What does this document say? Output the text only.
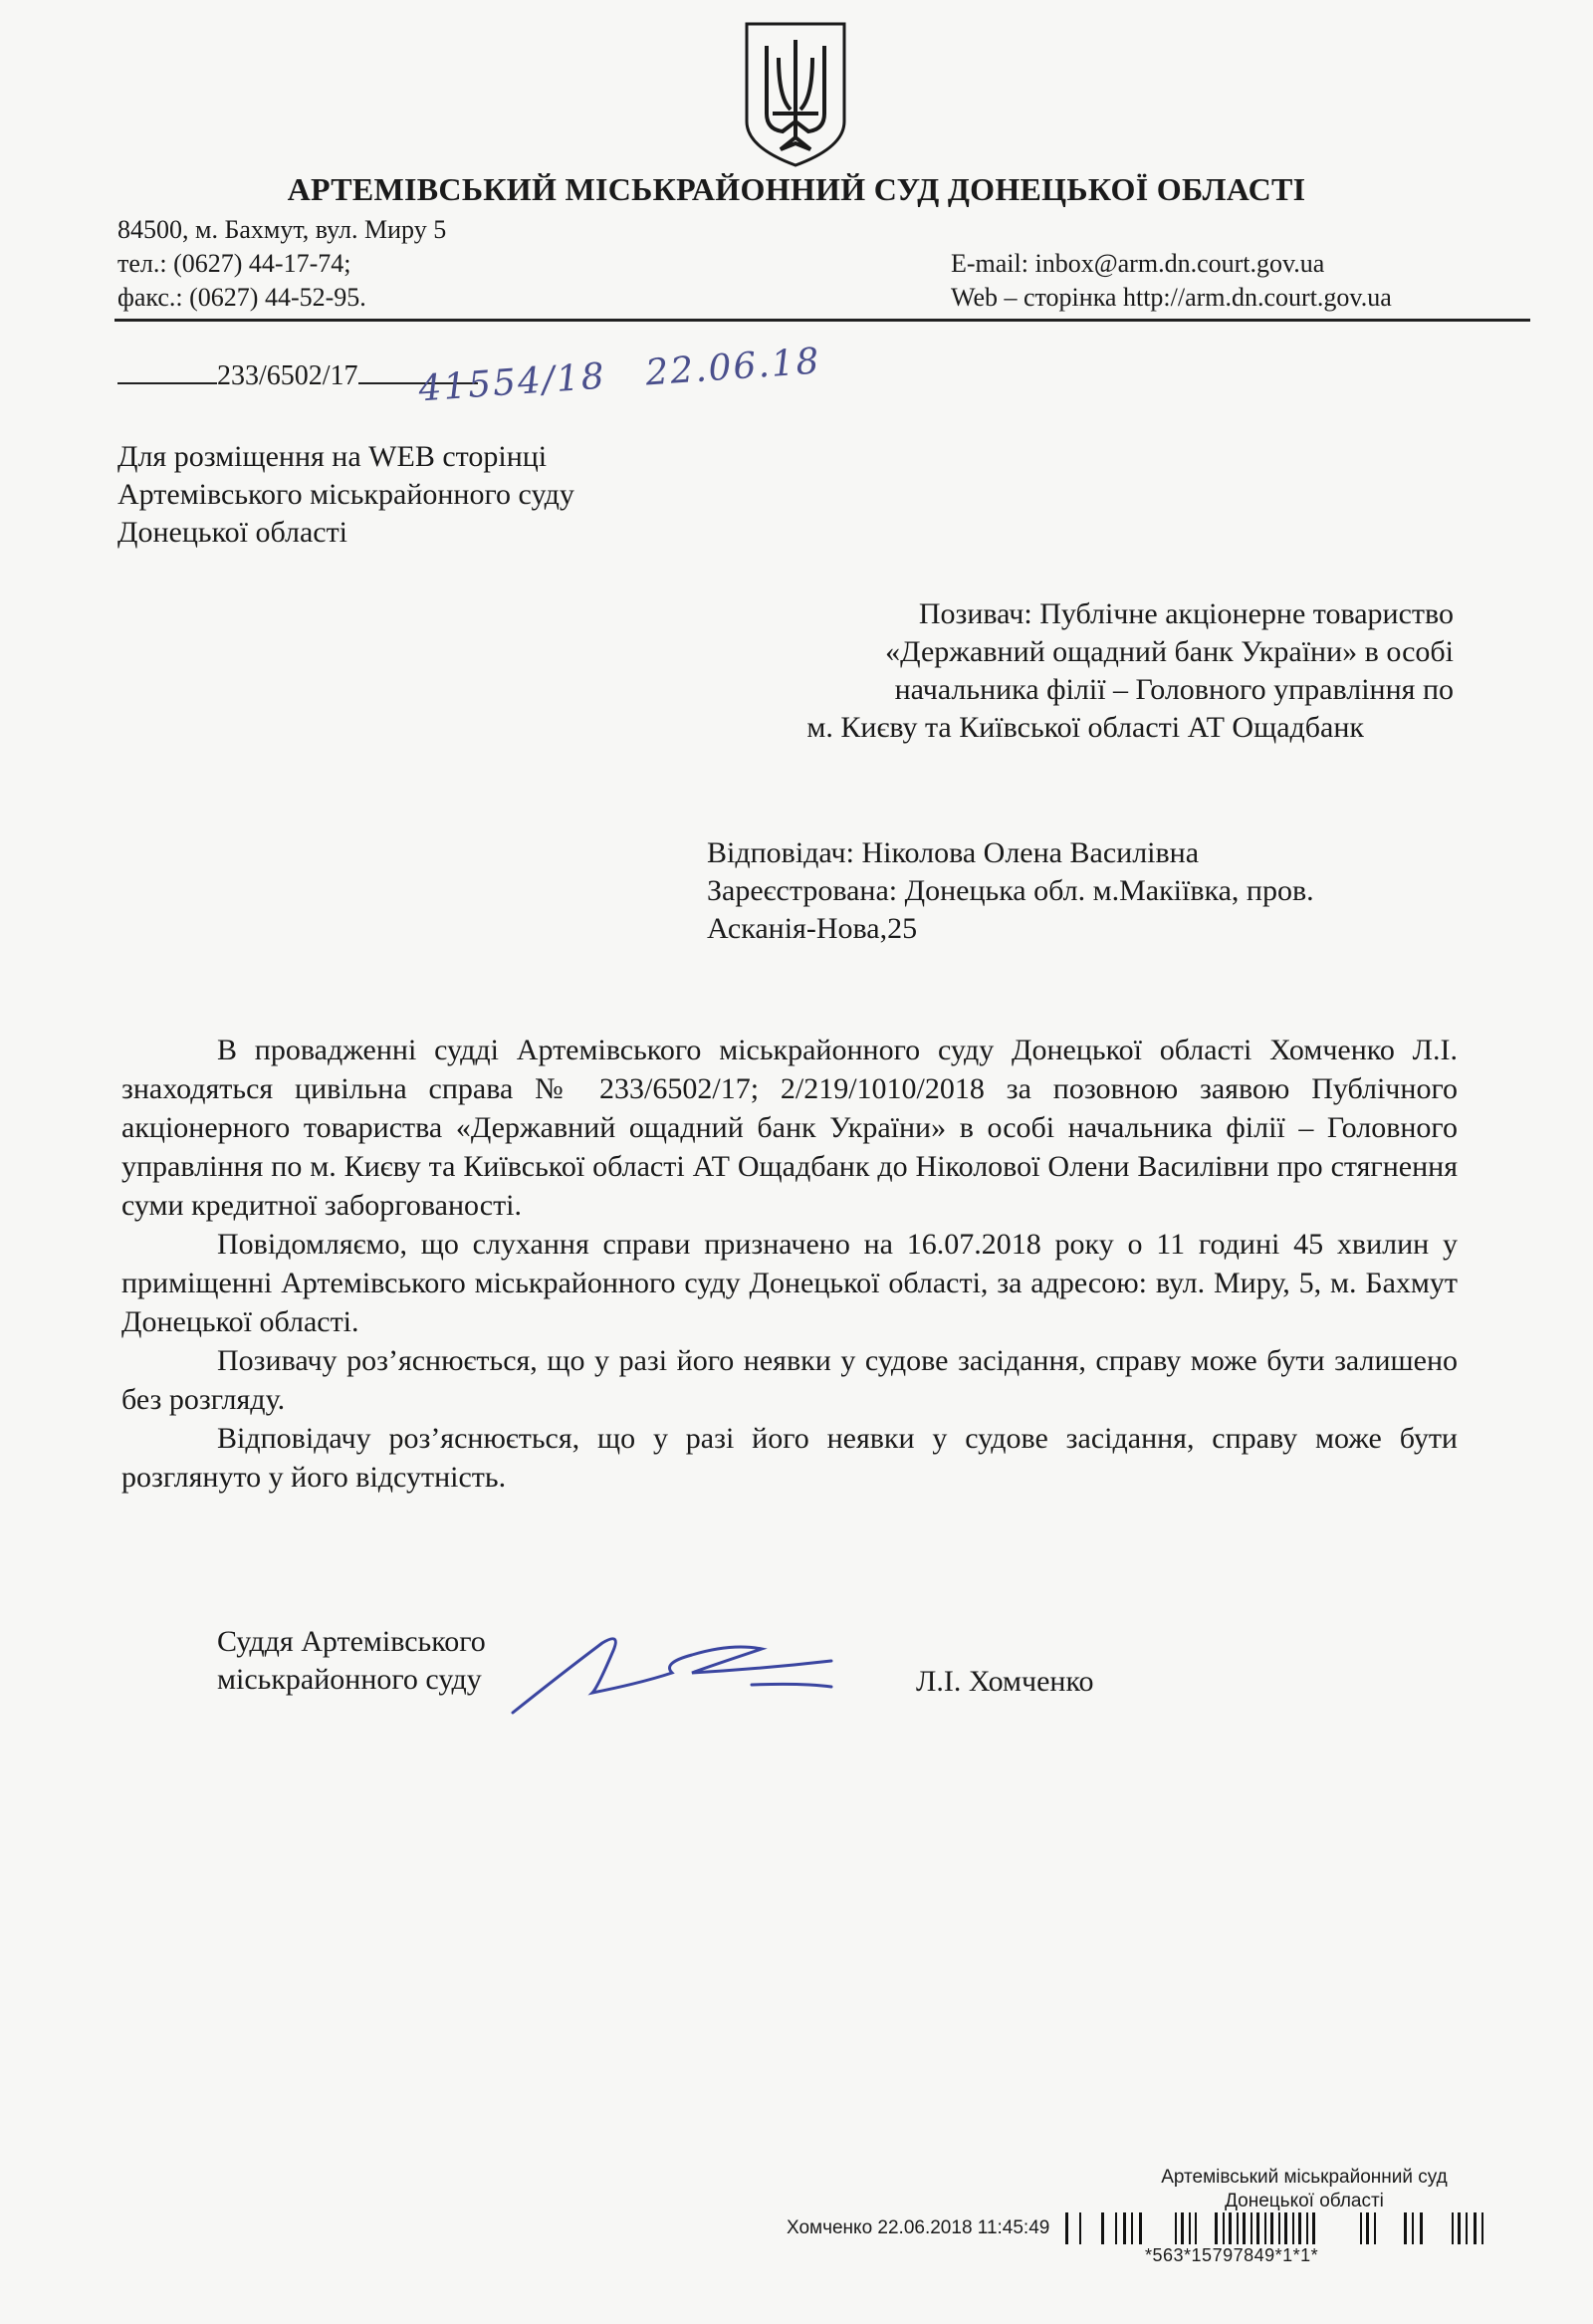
АРТЕМІВСЬКИЙ МІСЬКРАЙОННИЙ СУД ДОНЕЦЬКОЇ ОБЛАСТІ
84500, м. Бахмут, вул. Миру 5
тел.: (0627) 44-17-74;
факс.: (0627) 44-52-95.
E-mail: inbox@arm.dn.court.gov.ua
Web – сторінка http://arm.dn.court.gov.ua
233/6502/17	41554/18 22.06.18
Для розміщення на WEB сторінці
Артемівського міськрайонного суду
Донецької області
Позивач: Публічне акціонерне товариство
«Державний ощадний банк України» в особі
начальника філії – Головного управління по
м. Києву та Київської області АТ Ощадбанк
Відповідач: Ніколова Олена Василівна
Зареєстрована: Донецька обл. м.Макіївка, пров.
Асканія-Нова,25

В провадженні судді Артемівського міськрайонного суду Донецької області Хомченко Л.І. знаходяться цивільна справа № 233/6502/17; 2/219/1010/2018 за позовною заявою Публічного акціонерного товариства «Державний ощадний банк України» в особі начальника філії – Головного управління по м. Києву та Київської області АТ Ощадбанк до Ніколової Олени Василівни про стягнення суми кредитної заборгованості.

Повідомляємо, що слухання справи призначено на 16.07.2018 року о 11 годині 45 хвилин у приміщенні Артемівського міськрайонного суду Донецької області, за адресою: вул. Миру, 5, м. Бахмут Донецької області.

Позивачу роз’яснюється, що у разі його неявки у судове засідання, справу може бути залишено без розгляду.

Відповідачу роз’яснюється, що у разі його неявки у судове засідання, справу може бути розглянуто у його відсутність.

Суддя Артемівського
міськрайонного суду	Л.І. Хомченко
Артемівський міськрайонний суд
Донецької області
Хомченко 22.06.2018 11:45:49
*563*15797849*1*1*
